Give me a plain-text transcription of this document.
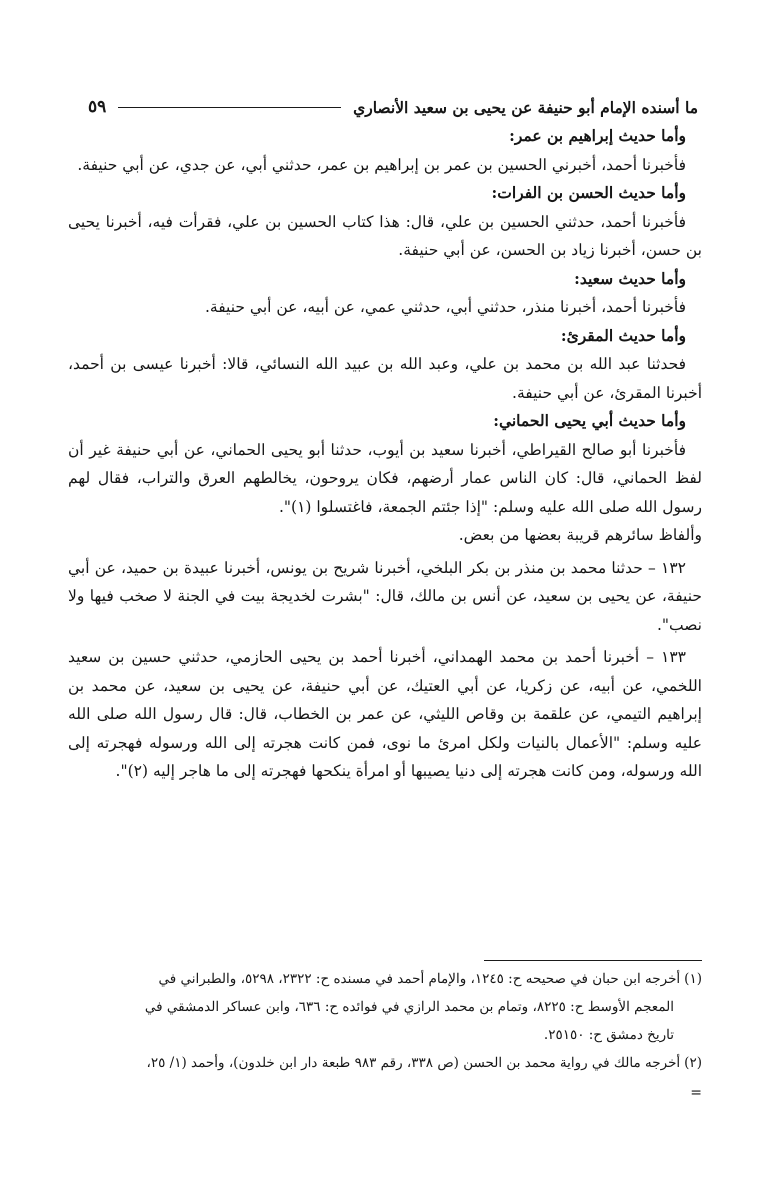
ما أسنده الإمام أبو حنيفة عن يحيى بن سعيد الأنصاري
٥٩

وأما حديث إبراهيم بن عمر:

فأخبرنا أحمد، أخبرني الحسين بن عمر بن إبراهيم بن عمر، حدثني أبي، عن جدي، عن أبي حنيفة.

وأما حديث الحسن بن الفرات:

فأخبرنا أحمد، حدثني الحسين بن علي، قال: هذا كتاب الحسين بن علي، فقرأت فيه، أخبرنا يحيى بن حسن، أخبرنا زياد بن الحسن، عن أبي حنيفة.

وأما حديث سعيد:

فأخبرنا أحمد، أخبرنا منذر، حدثني أبي، حدثني عمي، عن أبيه، عن أبي حنيفة.

وأما حديث المقرئ:

فحدثنا عبد الله بن محمد بن علي، وعبد الله بن عبيد الله النسائي، قالا: أخبرنا عيسى بن أحمد، أخبرنا المقرئ، عن أبي حنيفة.

وأما حديث أبي يحيى الحماني:

فأخبرنا أبو صالح القيراطي، أخبرنا سعيد بن أيوب، حدثنا أبو يحيى الحماني، عن أبي حنيفة غير أن لفظ الحماني، قال: كان الناس عمار أرضهم، فكان يروحون، يخالطهم العرق والتراب، فقال لهم رسول الله صلى الله عليه وسلم: "إذا جئتم الجمعة، فاغتسلوا (١)".

وألفاظ سائرهم قريبة بعضها من بعض.

١٣٢ – حدثنا محمد بن منذر بن بكر البلخي، أخبرنا شريح بن يونس، أخبرنا عبيدة بن حميد، عن أبي حنيفة، عن يحيى بن سعيد، عن أنس بن مالك، قال: "بشرت لخديجة بيت في الجنة لا صخب فيها ولا نصب".

١٣٣ – أخبرنا أحمد بن محمد الهمداني، أخبرنا أحمد بن يحيى الحازمي، حدثني حسين بن سعيد اللخمي، عن أبيه، عن زكريا، عن أبي العتيك، عن أبي حنيفة، عن يحيى بن سعيد، عن محمد بن إبراهيم التيمي، عن علقمة بن وقاص الليثي، عن عمر بن الخطاب، قال: قال رسول الله صلى الله عليه وسلم: "الأعمال بالنيات ولكل امرئ ما نوى، فمن كانت هجرته إلى الله ورسوله فهجرته إلى الله ورسوله، ومن كانت هجرته إلى دنيا يصيبها أو امرأة ينكحها فهجرته إلى ما هاجر إليه (٢)".

(١)أخرجه ابن حبان في صحيحه ح: ١٢٤٥، والإمام أحمد في مسنده ح: ٢٣٢٢، ٥٢٩٨، والطبراني في

المعجم الأوسط ح: ٨٢٢٥، وتمام بن محمد الرازي في فوائده ح: ٦٣٦، وابن عساكر الدمشقي في

تاريخ دمشق ح: ٢٥١٥٠.

(٢)أخرجه مالك في رواية محمد بن الحسن (ص ٣٣٨، رقم ٩٨٣ طبعة دار ابن خلدون)، وأحمد (١/ ٢٥،

=
